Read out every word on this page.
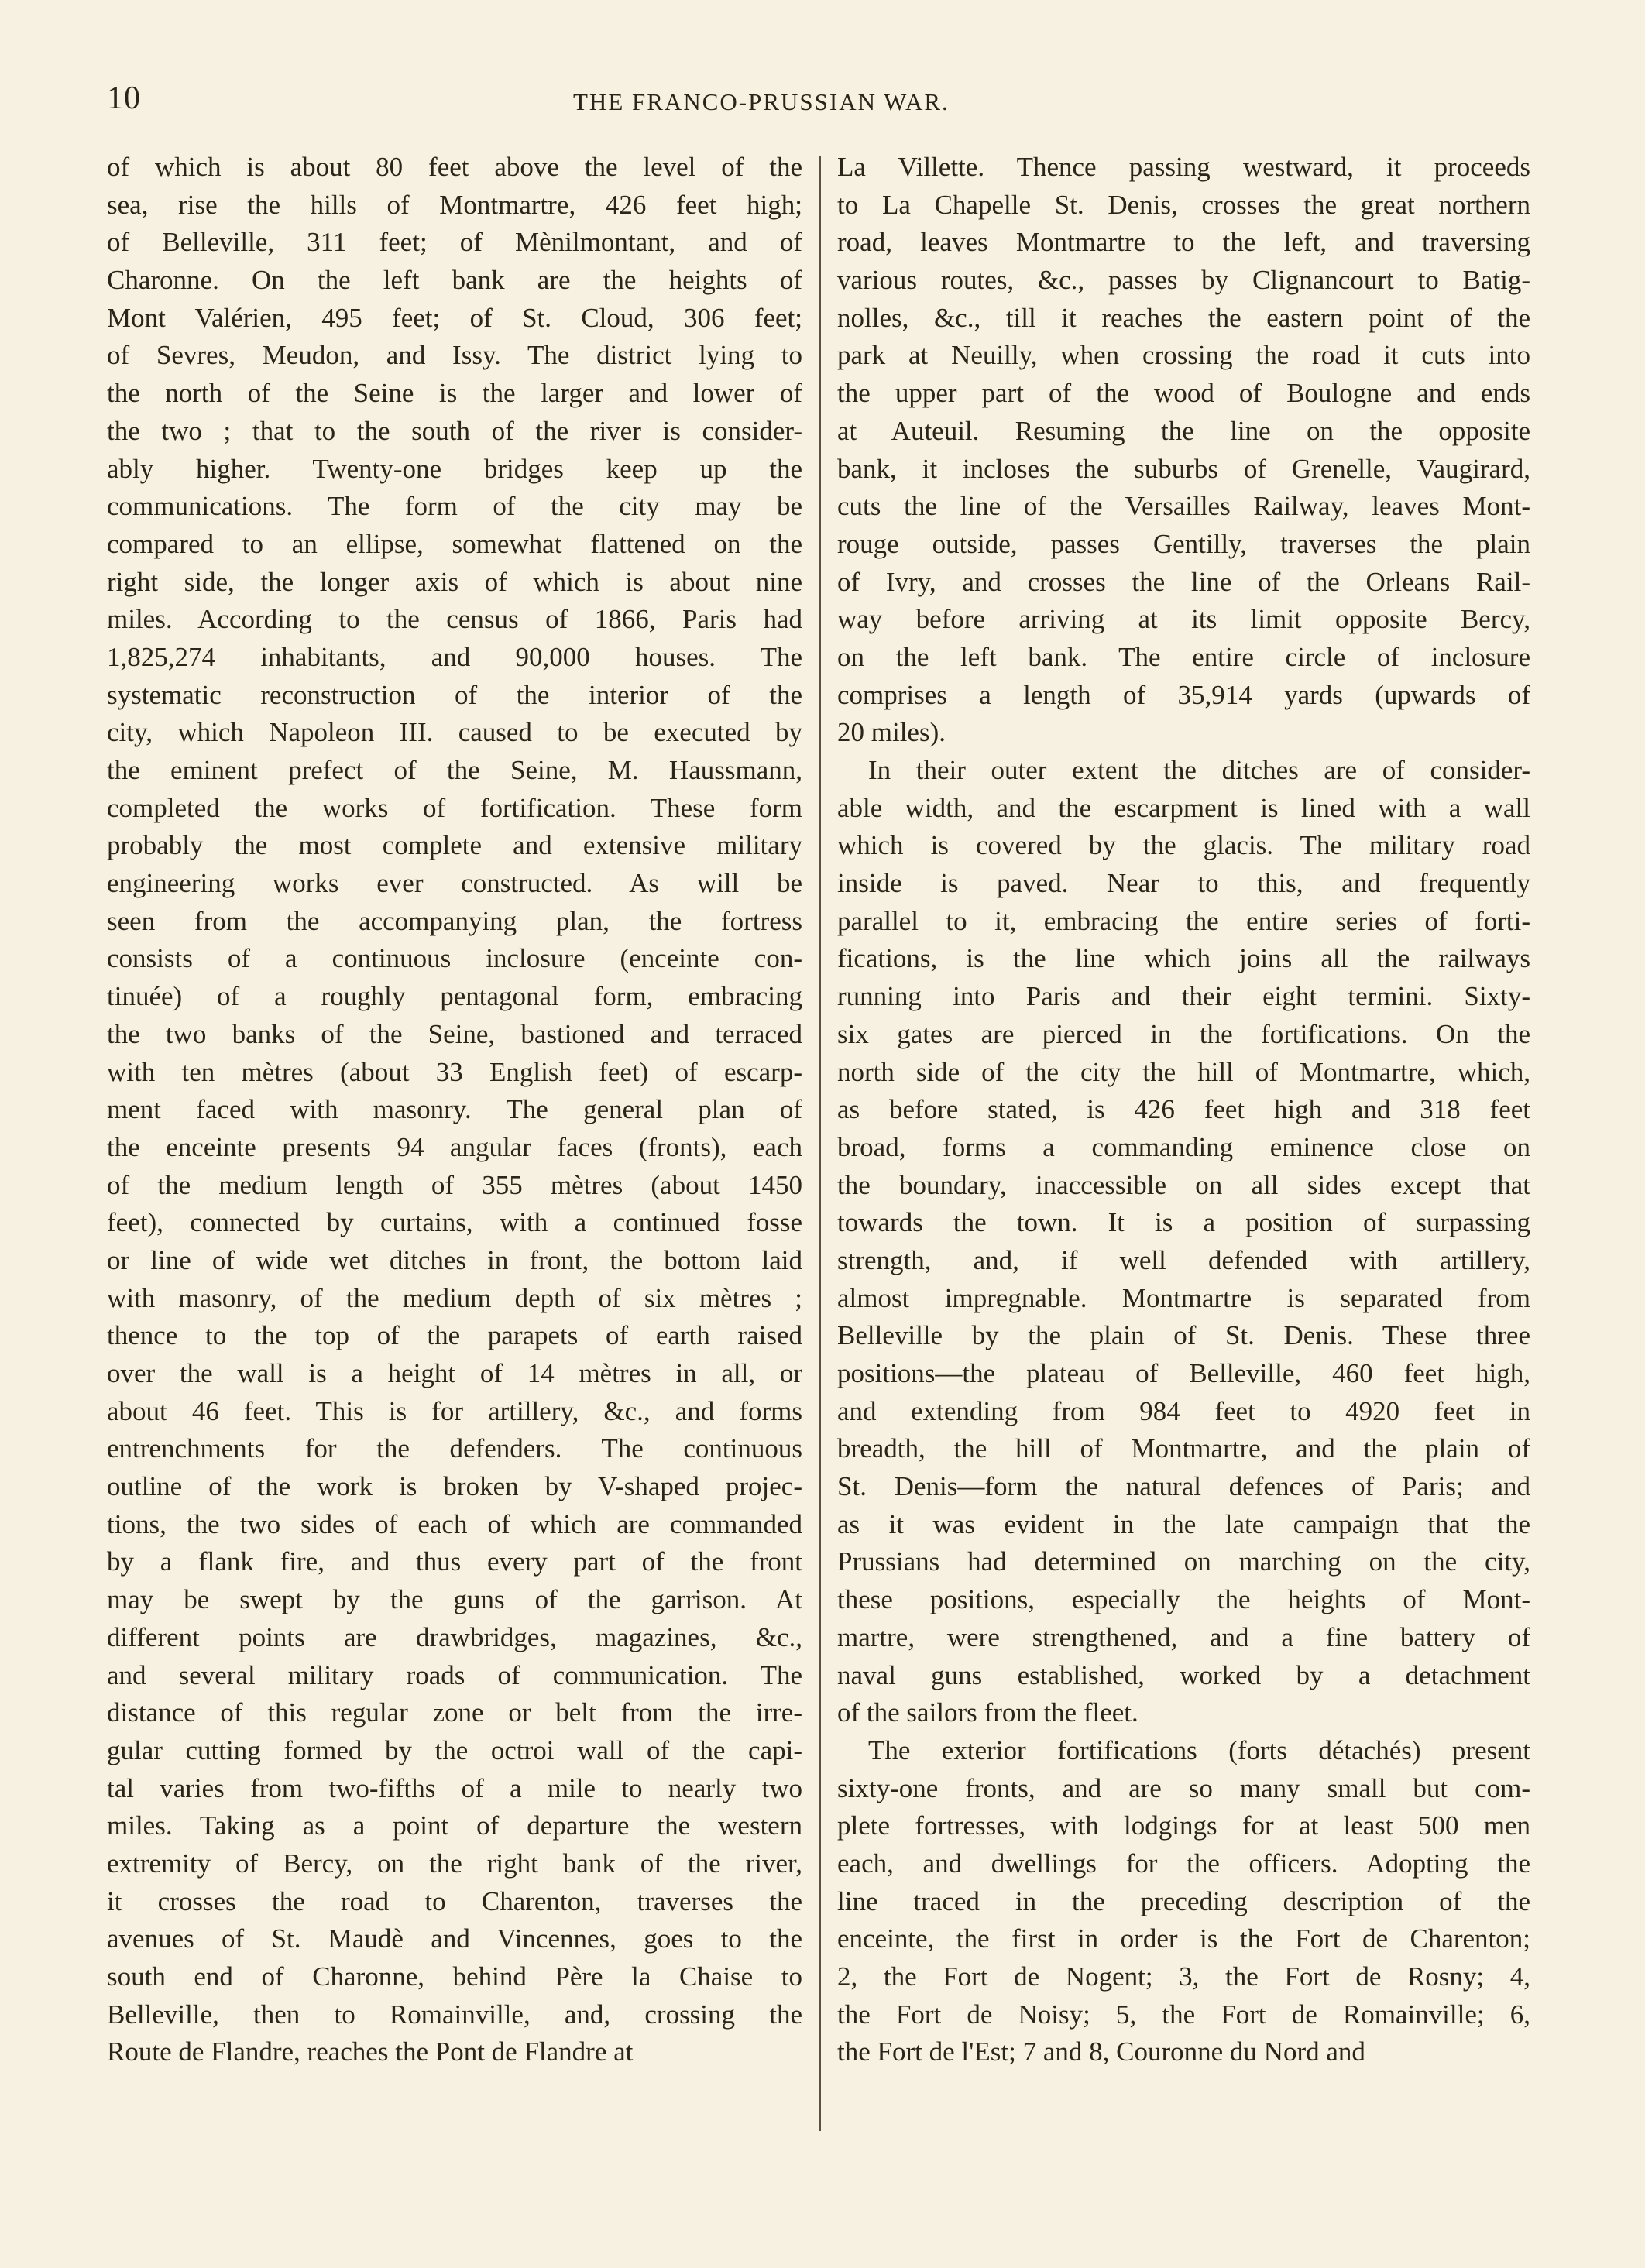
10	THE FRANCO-PRUSSIAN WAR.
of which is about 80 feet above the level of the
sea, rise the hills of Montmartre, 426 feet high;
of Belleville, 311 feet; of Mènilmontant, and of
Charonne. On the left bank are the heights of
Mont Valérien, 495 feet; of St. Cloud, 306 feet;
of Sevres, Meudon, and Issy. The district lying to
the north of the Seine is the larger and lower of
the two ; that to the south of the river is consider-
ably higher. Twenty-one bridges keep up the
communications. The form of the city may be
compared to an ellipse, somewhat flattened on the
right side, the longer axis of which is about nine
miles. According to the census of 1866, Paris had
1,825,274 inhabitants, and 90,000 houses. The
systematic reconstruction of the interior of the
city, which Napoleon III. caused to be executed by
the eminent prefect of the Seine, M. Haussmann,
completed the works of fortification. These form
probably the most complete and extensive military
engineering works ever constructed. As will be
seen from the accompanying plan, the fortress
consists of a continuous inclosure (enceinte con-
tinuée) of a roughly pentagonal form, embracing
the two banks of the Seine, bastioned and terraced
with ten mètres (about 33 English feet) of escarp-
ment faced with masonry. The general plan of
the enceinte presents 94 angular faces (fronts), each
of the medium length of 355 mètres (about 1450
feet), connected by curtains, with a continued fosse
or line of wide wet ditches in front, the bottom laid
with masonry, of the medium depth of six mètres ;
thence to the top of the parapets of earth raised
over the wall is a height of 14 mètres in all, or
about 46 feet. This is for artillery, &c., and forms
entrenchments for the defenders. The continuous
outline of the work is broken by V-shaped projec-
tions, the two sides of each of which are commanded
by a flank fire, and thus every part of the front
may be swept by the guns of the garrison. At
different points are drawbridges, magazines, &c.,
and several military roads of communication. The
distance of this regular zone or belt from the irre-
gular cutting formed by the octroi wall of the capi-
tal varies from two-fifths of a mile to nearly two
miles. Taking as a point of departure the western
extremity of Bercy, on the right bank of the river,
it crosses the road to Charenton, traverses the
avenues of St. Maudè and Vincennes, goes to the
south end of Charonne, behind Père la Chaise to
Belleville, then to Romainville, and, crossing the
Route de Flandre, reaches the Pont de Flandre at
La Villette. Thence passing westward, it proceeds
to La Chapelle St. Denis, crosses the great northern
road, leaves Montmartre to the left, and traversing
various routes, &c., passes by Clignancourt to Batig-
nolles, &c., till it reaches the eastern point of the
park at Neuilly, when crossing the road it cuts into
the upper part of the wood of Boulogne and ends
at Auteuil. Resuming the line on the opposite
bank, it incloses the suburbs of Grenelle, Vaugirard,
cuts the line of the Versailles Railway, leaves Mont-
rouge outside, passes Gentilly, traverses the plain
of Ivry, and crosses the line of the Orleans Rail-
way before arriving at its limit opposite Bercy,
on the left bank. The entire circle of inclosure
comprises a length of 35,914 yards (upwards of
20 miles).
In their outer extent the ditches are of consider-
able width, and the escarpment is lined with a wall
which is covered by the glacis. The military road
inside is paved. Near to this, and frequently
parallel to it, embracing the entire series of forti-
fications, is the line which joins all the railways
running into Paris and their eight termini. Sixty-
six gates are pierced in the fortifications. On the
north side of the city the hill of Montmartre, which,
as before stated, is 426 feet high and 318 feet
broad, forms a commanding eminence close on
the boundary, inaccessible on all sides except that
towards the town. It is a position of surpassing
strength, and, if well defended with artillery,
almost impregnable. Montmartre is separated from
Belleville by the plain of St. Denis. These three
positions—the plateau of Belleville, 460 feet high,
and extending from 984 feet to 4920 feet in
breadth, the hill of Montmartre, and the plain of
St. Denis—form the natural defences of Paris; and
as it was evident in the late campaign that the
Prussians had determined on marching on the city,
these positions, especially the heights of Mont-
martre, were strengthened, and a fine battery of
naval guns established, worked by a detachment
of the sailors from the fleet.
The exterior fortifications (forts détachés) present
sixty-one fronts, and are so many small but com-
plete fortresses, with lodgings for at least 500 men
each, and dwellings for the officers. Adopting the
line traced in the preceding description of the
enceinte, the first in order is the Fort de Charenton;
2, the Fort de Nogent; 3, the Fort de Rosny; 4,
the Fort de Noisy; 5, the Fort de Romainville; 6,
the Fort de l'Est; 7 and 8, Couronne du Nord and
